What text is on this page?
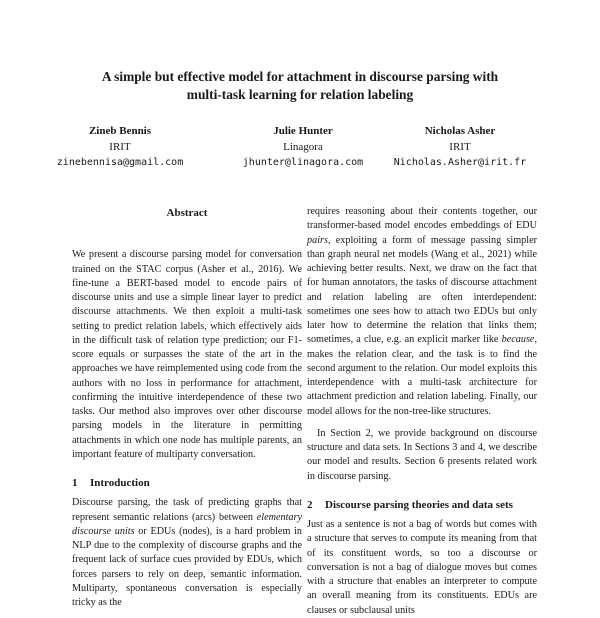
A simple but effective model for attachment in discourse parsing with
multi-task learning for relation labeling
Zineb Bennis
IRIT
zinebennisa@gmail.com
Julie Hunter
Linagora
jhunter@linagora.com
Nicholas Asher
IRIT
Nicholas.Asher@irit.fr

Abstract

We present a discourse parsing model for conversation trained on the STAC corpus (Asher et al., 2016). We fine-tune a BERT-based model to encode pairs of discourse units and use a simple linear layer to predict discourse attachments. We then exploit a multi-task setting to predict relation labels, which effectively aids in the difficult task of relation type prediction; our F1-score equals or surpasses the state of the art in the approaches we have reimplemented using code from the authors with no loss in performance for attachment, confirming the intuitive interdependence of these two tasks. Our method also improves over other discourse parsing models in the literature in permitting attachments in which one node has multiple parents, an important feature of multiparty conversation.

1 Introduction

Discourse parsing, the task of predicting graphs that represent semantic relations (arcs) between elementary discourse units or EDUs (nodes), is a hard problem in NLP due to the complexity of discourse graphs and the frequent lack of surface cues provided by EDUs, which forces parsers to rely on deep, semantic information. Multiparty, spontaneous conversation is especially tricky as the

requires reasoning about their contents together, our transformer-based model encodes embeddings of EDU pairs, exploiting a form of message passing simpler than graph neural net models (Wang et al., 2021) while achieving better results. Next, we draw on the fact that for human annotators, the tasks of discourse attachment and relation labeling are often interdependent: sometimes one sees how to attach two EDUs but only later how to determine the relation that links them; sometimes, a clue, e.g. an explicit marker like because, makes the relation clear, and the task is to find the second argument to the relation. Our model exploits this interdependence with a multi-task architecture for attachment prediction and relation labeling. Finally, our model allows for the non-tree-like structures.

In Section 2, we provide background on discourse structure and data sets. In Sections 3 and 4, we describe our model and results. Section 6 presents related work in discourse parsing.

2 Discourse parsing theories and data sets

Just as a sentence is not a bag of words but comes with a structure that serves to compute its meaning from that of its constituent words, so too a discourse or conversation is not a bag of dialogue moves but comes with a structure that enables an interpreter to compute an overall meaning from its constituents. EDUs are clauses or subclausal units
